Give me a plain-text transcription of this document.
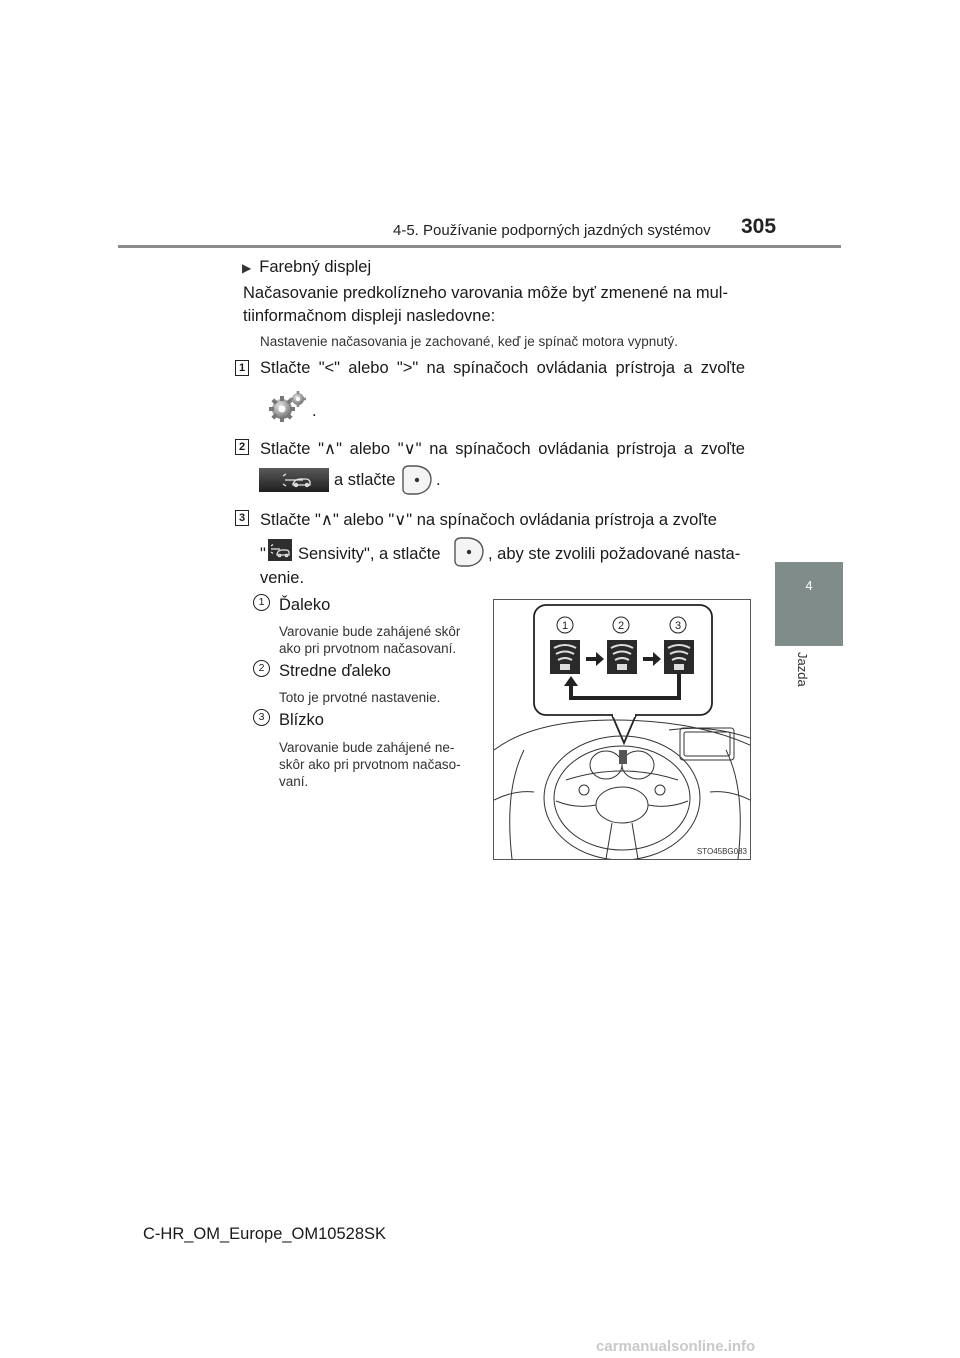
4-5. Používanie podporných jazdných systémov 305
4
Jazda
▶ Farebný displej
Načasovanie predkolízneho varovania môže byť zmenené na mul-
tiinformačnom displeji nasledovne:
Nastavenie načasovania je zachované, keď je spínač motora vypnutý.
1 Stlačte "<" alebo ">" na spínačoch ovládania prístroja a zvoľte
.
2 Stlačte "∧" alebo "∨" na spínačoch ovládania prístroja a zvoľte
a stlačte .
3 Stlačte "∧" alebo "∨" na spínačoch ovládania prístroja a zvoľte
" Sensivity", a stlačte	, aby ste zvolili požadované nasta-
venie.
1 Ďaleko
Varovanie bude zahájené skôr
ako pri prvotnom načasovaní.
2 Stredne ďaleko
Toto je prvotné nastavenie.
3 Blízko
Varovanie bude zahájené ne-
skôr ako pri prvotnom načaso-
vaní.
1	2	3
STO45BG083
C-HR_OM_Europe_OM10528SK
carmanualsonline.info
